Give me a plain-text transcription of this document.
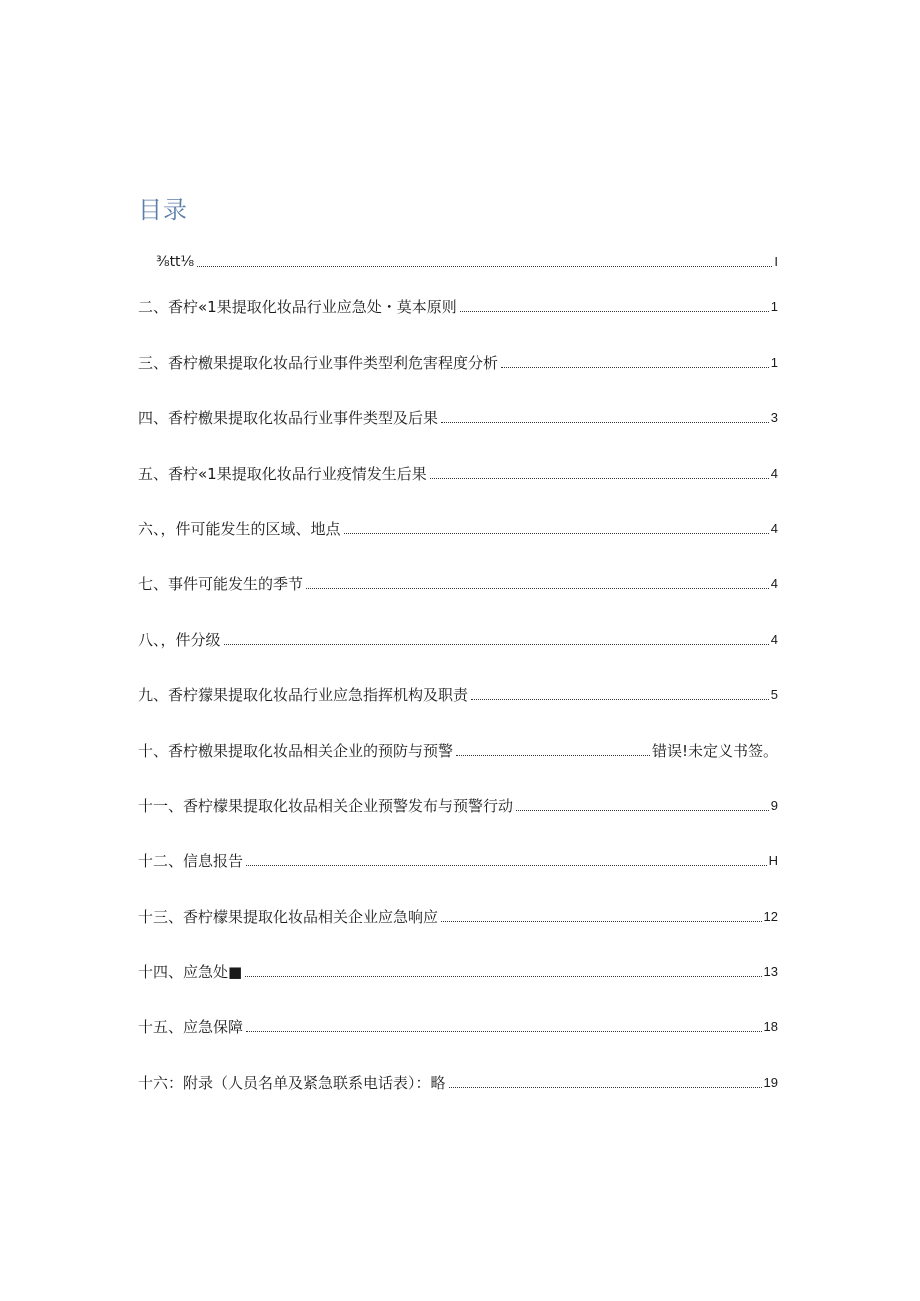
目录
⅜tt⅛	I
二、香柠«1果提取化妆品行业应急处・莫本原则	1
三、香柠檄果提取化妆品行业事件类型利危害程度分析	1
四、香柠檄果提取化妆品行业事件类型及后果	3
五、香柠«1果提取化妆品行业疫情发生后果	4
六、，件可能发生的区域、地点	4
七、事件可能发生的季节	4
八、，件分级	4
九、香柠獴果提取化妆品行业应急指挥机构及职责	5
十、香柠檄果提取化妆品相关企业的预防与预警	错误!未定义书签。
十一、香柠檬果提取化妆品相关企业预警发布与预警行动	9
十二、信息报告	H
十三、香柠檬果提取化妆品相关企业应急响应	12
十四、应急处■	13
十五、应急保障	18
十六：附录（人员名单及紧急联系电话表）：略	19
